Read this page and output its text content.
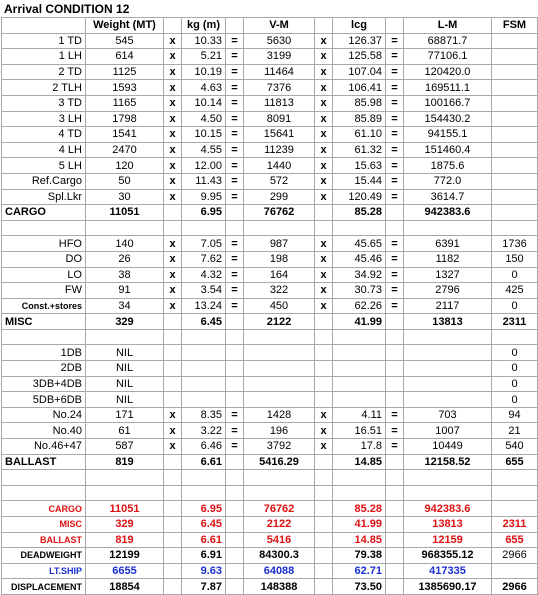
Arrival CONDITION 12
	Weight (MT)		kg (m)		V-M		lcg		L-M	FSM
1 TD	545	x	10.33	=	5630	x	126.37	=	68871.7	
1 LH	614	x	5.21	=	3199	x	125.58	=	77106.1	
2 TD	1125	x	10.19	=	11464	x	107.04	=	120420.0	
2 TLH	1593	x	4.63	=	7376	x	106.41	=	169511.1	
3 TD	1165	x	10.14	=	11813	x	85.98	=	100166.7	
3 LH	1798	x	4.50	=	8091	x	85.89	=	154430.2	
4 TD	1541	x	10.15	=	15641	x	61.10	=	94155.1	
4 LH	2470	x	4.55	=	11239	x	61.32	=	151460.4	
5 LH	120	x	12.00	=	1440	x	15.63	=	1875.6	
Ref.Cargo	50	x	11.43	=	572	x	15.44	=	772.0	
Spl.Lkr	30	x	9.95	=	299	x	120.49	=	3614.7	
CARGO	11051		6.95		76762		85.28		942383.6	

HFO	140	x	7.05	=	987	x	45.65	=	6391	1736
DO	26	x	7.62	=	198	x	45.46	=	1182	150
LO	38	x	4.32	=	164	x	34.92	=	1327	0
FW	91	x	3.54	=	322	x	30.73	=	2796	425
Const.+stores	34	x	13.24	=	450	x	62.26	=	2117	0
MISC	329		6.45		2122		41.99		13813	2311

1DB	NIL									0
2DB	NIL									0
3DB+4DB	NIL									0
5DB+6DB	NIL									0
No.24	171	x	8.35	=	1428	x	4.11	=	703	94
No.40	61	x	3.22	=	196	x	16.51	=	1007	21
No.46+47	587	x	6.46	=	3792	x	17.8	=	10449	540
BALLAST	819		6.61		5416.29		14.85		12158.52	655

CARGO	11051		6.95		76762		85.28		942383.6	
MISC	329		6.45		2122		41.99		13813	2311
BALLAST	819		6.61		5416		14.85		12159	655
DEADWEIGHT	12199		6.91		84300.3		79.38		968355.12	2966
LT.SHIP	6655		9.63		64088		62.71		417335	
DISPLACEMENT	18854		7.87		148388		73.50		1385690.17	2966
